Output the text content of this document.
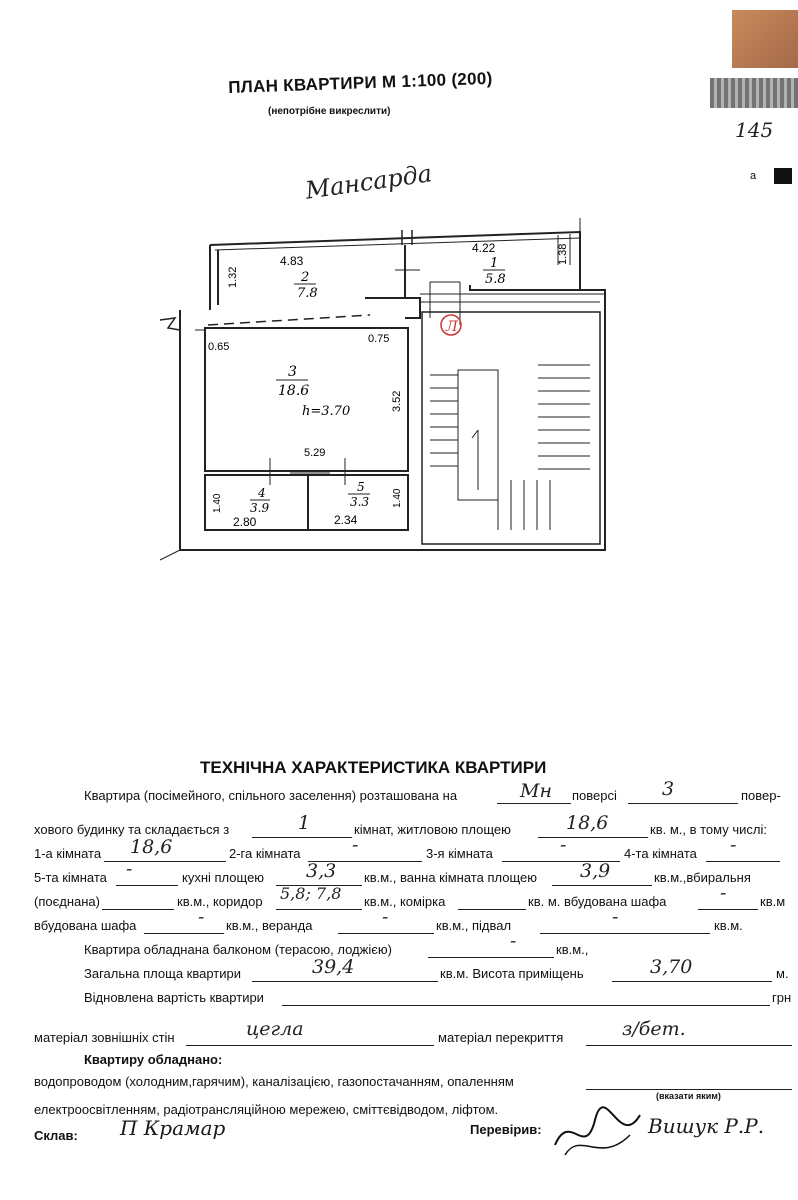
ПЛАН КВАРТИРИ М 1:100 (200)
(непотрібне викреслити)
145
а
Мансарда
Л
4.83
2
7.8
4.22
1
5.8
3
18.6
h=3.70
4
3.9
2.80
5
3.3
2.34
1.32
1.38
0.65
0.75
3.52
5.29
1.40	1.40
ТЕХНІЧНА ХАРАКТЕРИСТИКА КВАРТИРИ
Квартира (посімейного, спільного заселення) розташована на	Мн поверсі 3	повер-
хового будинку та складається з	1	кімнат, житловою площею	18,6	кв. м., в тому числі:
1-а кімната 18,6	2-га кімната	-	3-я кімната	-	4-та кімната -
5-та кімната -	кухні площею 3,3 кв.м., ванна кімната площею 3,9	кв.м.,вбиральня
(поєднана)	кв.м., коридор 5,8; 7,8 кв.м., комірка	кв. м. вбудована шафа	-	кв.м
вбудована шафа	- кв.м., веранда	-	кв.м., підвал	-	кв.м.
Квартира обладнана балконом (терасою, лоджією)	-	кв.м.,
Загальна площа квартири	39,4	кв.м. Висота приміщень	3,70	м.
Відновлена вартість квартири	грн
матеріал зовнішніх стін	цегла	матеріал перекриття	з/бет.
Квартиру обладнано:
водопроводом (холодним,гарячим), каналізацією, газопостачанням, опаленням
(вказати яким)
електроосвітленням, радіотрансляційною мережею, сміттєвідводом, ліфтом.
Склав: П Крамар	Перевірив:	Вишук Р.Р.
